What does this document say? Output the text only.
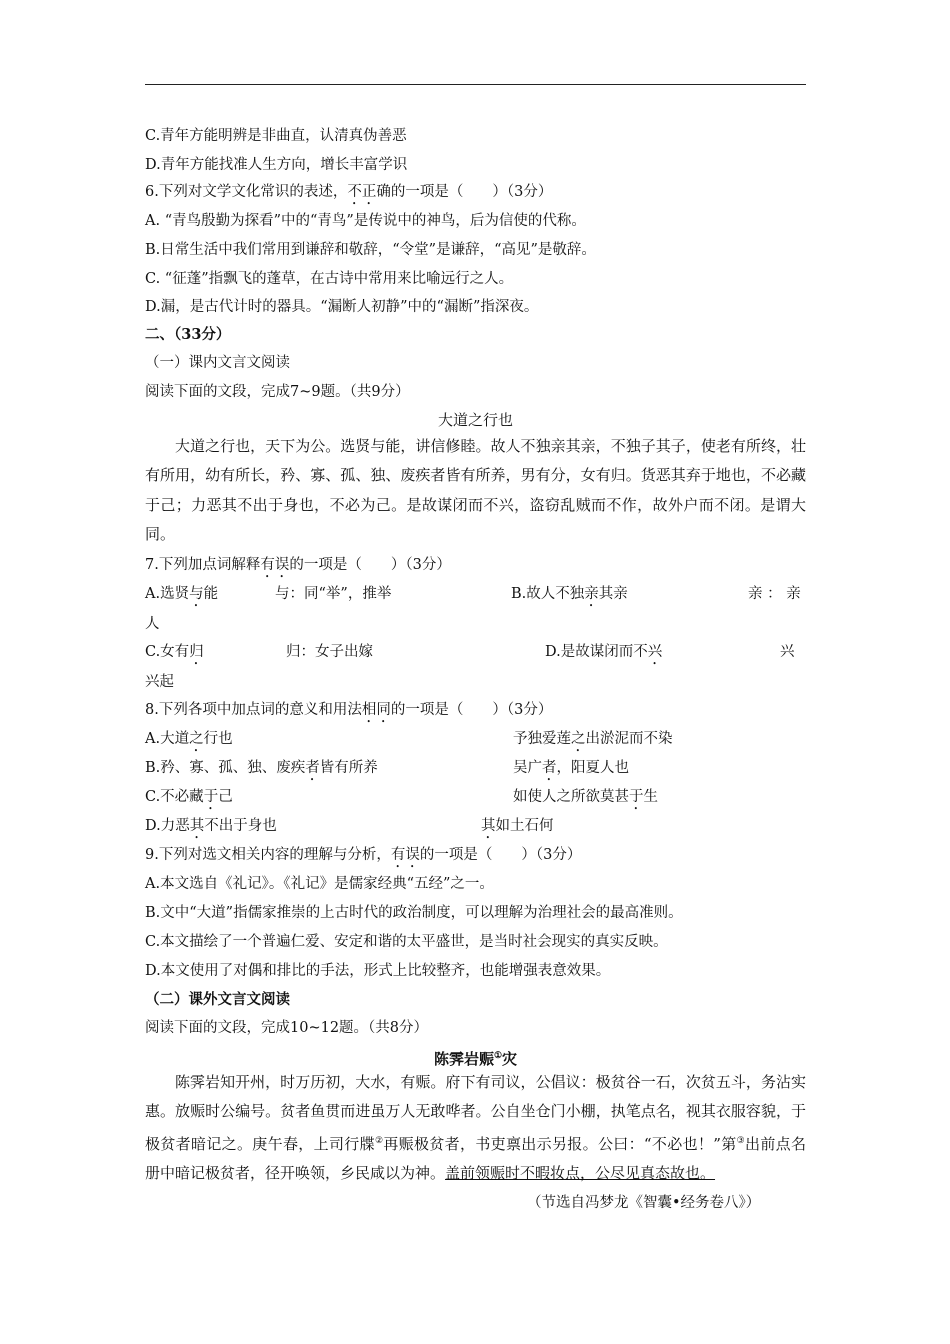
C.青年方能明辨是非曲直，认清真伪善恶
D.青年方能找准人生方向，增长丰富学识
6.下列对文学文化常识的表述，不正确的一项是（　　）（3分）
A. “青鸟殷勤为探看”中的“青鸟”是传说中的神鸟，后为信使的代称。
B.日常生活中我们常用到谦辞和敬辞，“令堂”是谦辞，“高见”是敬辞。
C. “征蓬”指飘飞的蓬草，在古诗中常用来比喻远行之人。
D.漏，是古代计时的器具。“漏断人初静”中的“漏断”指深夜。
二、（33分）
（一）课内文言文阅读
阅读下面的文段，完成7~9题。（共9分）
大道之行也
大道之行也，天下为公。选贤与能，讲信修睦。故人不独亲其亲，不独子其子，使老有所终，壮有所用，幼有所长，矜、寡、孤、独、废疾者皆有所养，男有分，女有归。货恶其弃于地也，不必藏于己；力恶其不出于身也，不必为己。是故谋闭而不兴，盗窃乱贼而不作，故外户而不闭。是谓大同。
7.下列加点词解释有误的一项是（　　）（3分）
A.选贤与能	与：同“举”，推举	B.故人不独亲其亲	亲 ： 亲
人
C.女有归	归：女子出嫁	D.是故谋闭而不兴	兴
兴起
8.下列各项中加点词的意义和用法相同的一项是（　　）（3分）
A.大道之行也	予独爱莲之出淤泥而不染
B.矜、寡、孤、独、废疾者皆有所养	吴广者，阳夏人也
C.不必藏于己	如使人之所欲莫甚于生
D.力恶其不出于身也	其如土石何
9.下列对选文相关内容的理解与分析，有误的一项是（　　）（3分）
A.本文选自《礼记》。《礼记》是儒家经典“五经”之一。
B.文中“大道”指儒家推崇的上古时代的政治制度，可以理解为治理社会的最高准则。
C.本文描绘了一个普遍仁爱、安定和谐的太平盛世，是当时社会现实的真实反映。
D.本文使用了对偶和排比的手法，形式上比较整齐，也能增强表意效果。
（二）课外文言文阅读
阅读下面的文段，完成10~12题。（共8分）
陈霁岩赈①灾
陈霁岩知开州，时万历初，大水，有赈。府下有司议，公倡议：极贫谷一石，次贫五斗，务沾实惠。放赈时公编号。贫者鱼贯而进虽万人无敢哗者。公自坐仓门小棚，执笔点名，视其衣服容貌，于极贫者暗记之。庚午春，上司行牒②再赈极贫者，书吏禀出示另报。公曰：“不必也！”第③出前点名册中暗记极贫者，径开唤领，乡民咸以为神。盖前领赈时不暇妆点，公尽见真态故也。
（节选自冯梦龙《智囊•经务卷八》）
